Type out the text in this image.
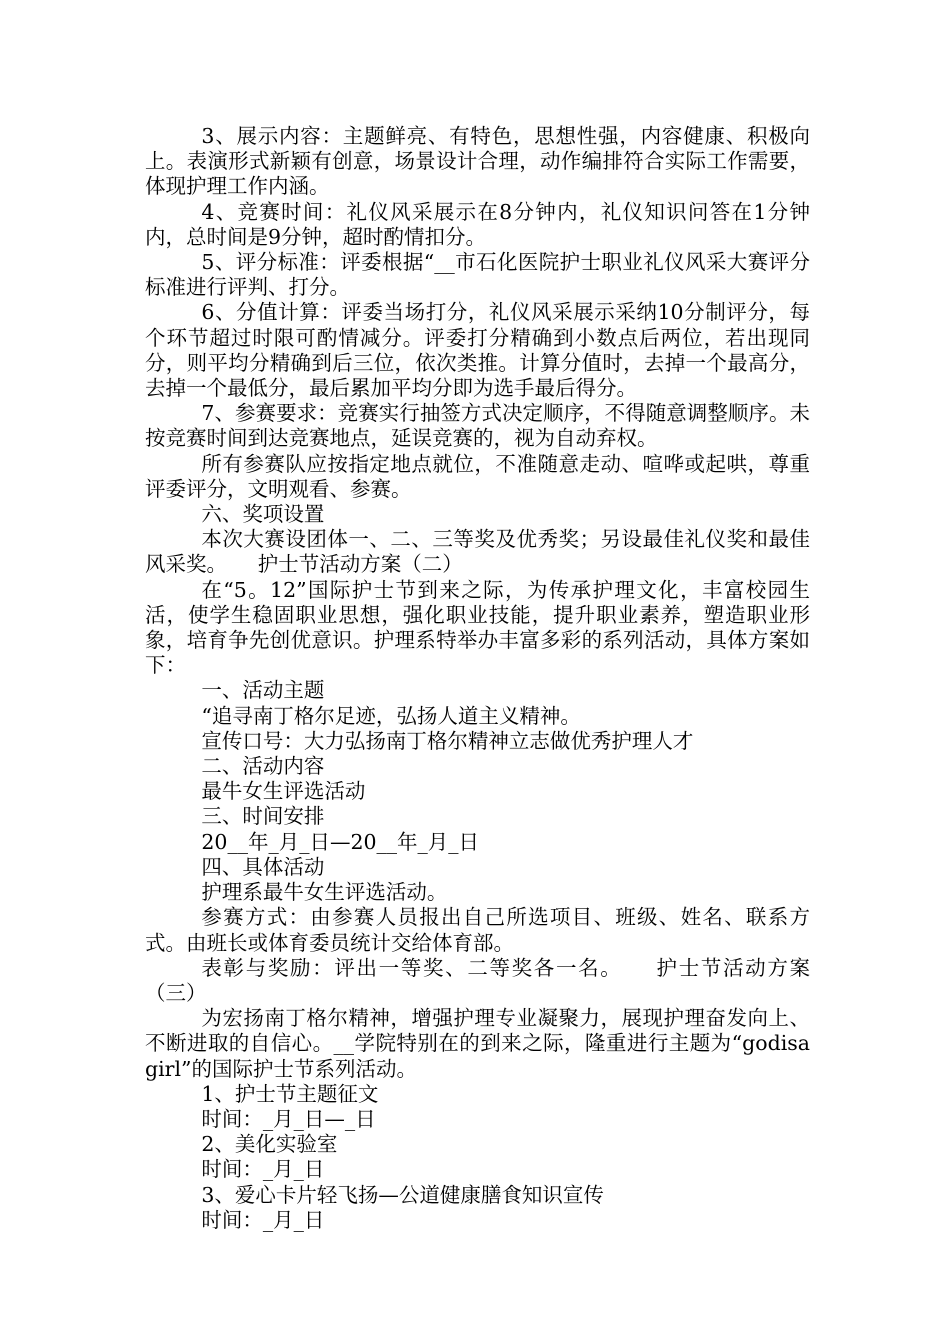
3、展示内容：主题鲜亮、有特色，思想性强，内容健康、积极向上。表演形式新颖有创意，场景设计合理，动作编排符合实际工作需要，体现护理工作内涵。

4、竞赛时间：礼仪风采展示在8分钟内，礼仪知识问答在1分钟内，总时间是9分钟，超时酌情扣分。

5、评分标准：评委根据“__市石化医院护士职业礼仪风采大赛评分标准进行评判、打分。

6、分值计算：评委当场打分，礼仪风采展示采纳10分制评分，每个环节超过时限可酌情减分。评委打分精确到小数点后两位，若出现同分，则平均分精确到后三位，依次类推。计算分值时，去掉一个最高分，去掉一个最低分，最后累加平均分即为选手最后得分。

7、参赛要求：竞赛实行抽签方式决定顺序，不得随意调整顺序。未按竞赛时间到达竞赛地点，延误竞赛的，视为自动弃权。

所有参赛队应按指定地点就位，不准随意走动、喧哗或起哄，尊重评委评分，文明观看、参赛。

六、奖项设置

本次大赛设团体一、二、三等奖及优秀奖；另设最佳礼仪奖和最佳风采奖。　　护士节活动方案（二）

在“5。12”国际护士节到来之际，为传承护理文化，丰富校园生活，使学生稳固职业思想，强化职业技能，提升职业素养，塑造职业形象，培育争先创优意识。护理系特举办丰富多彩的系列活动，具体方案如下：

一、活动主题

“追寻南丁格尔足迹，弘扬人道主义精神。

宣传口号：大力弘扬南丁格尔精神立志做优秀护理人才

二、活动内容

最牛女生评选活动

三、时间安排

20__年_月_日—20__年_月_日

四、具体活动

护理系最牛女生评选活动。

参赛方式：由参赛人员报出自己所选项目、班级、姓名、联系方式。由班长或体育委员统计交给体育部。

表彰与奖励：评出一等奖、二等奖各一名。　　护士节活动方案（三）

为宏扬南丁格尔精神，增强护理专业凝聚力，展现护理奋发向上、不断进取的自信心。__学院特别在的到来之际，隆重进行主题为“godisagirl”的国际护士节系列活动。

1、护士节主题征文

时间：_月_日—_日

2、美化实验室

时间：_月_日

3、爱心卡片轻飞扬—公道健康膳食知识宣传

时间：_月_日
